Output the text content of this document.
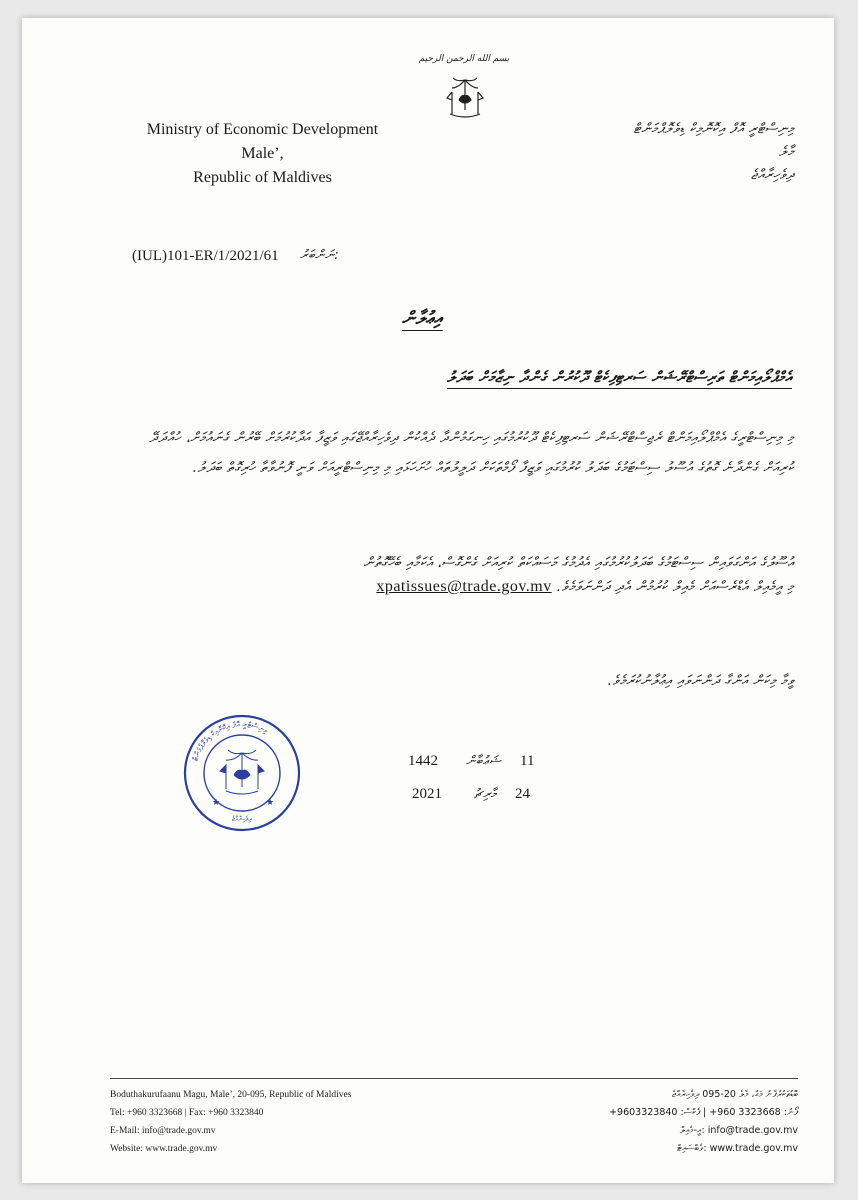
بسم الله الرحمن الرحيم
Ministry of Economic Development
Male’,
Republic of Maldives
މިނިސްޓްރީ އޮފް އިކޮނޮމިކް ޑިވެލޮޕްމަންޓް
މާލެ
ދިވެހިރާއްޖެ
(IUL)101-ER/1/2021/61 ނަންބަރު:
އިޢުލާން
އެމްޕްލޯއިމަންޓް ތަރިސްޓްރޭޝަން ސަރޓިފިކެޓް ދޫކުރުން ގެންދާ ނިޒާމަށް ބަދަލު
މި މިނިސްޓްރީގެ އެމްޕްލޯއިމަންޓް ރެޖިސްޓްރޭޝަން ސަރޓިފިކެޓް ދޫކުރުމުގައި ހިނގަމުންދާ ދެއްކުން ދިވެހިރާއްޖޭގައި ވަޒީފާ އަދާކުރުމަށް ބޭރުން ގެނައުމަށް، ހުއްދަދޭ ކުރިއަށް ގެންދާނެ ގޮތުގެ އުސޫލު ސިސްޓަމުގެ ބަދަލު ކުރުމުގައި ވަޒީފާ ފޯމްތަކަށް ދަލީލުތައް ހުށަހަޅައި މި މިނިސްޓްރީއަށް ވަނީ ފޮނުވާތާ ހުރިގޮތް ބަދަލު.
އުސޫލުގެ އަންގަވައިން ސިސްޓަމުގެ ބަދަލުކުރުމުގައި އެދުމުގެ މަސައްކަތް ކުރިއަށް ގެންގޮސް، އެކަމާއި ބެހޭގޮތުން
މި އީމެއިލް އެޑްރެސްއަށް މެއިލް ކުރުމުން އެދި ދަންނަވަމެވެ. xpatissues@trade.gov.mv
ވީމާ މިކަން އަންގާ ދަންނަވައި އިޢުލާނުކުރަމެވެ.
މިނިސްޓްރީ އޮފް އިކޮނޮމިކް ޑިވެލޮޕްމަންޓް
★	★
ދިވެހިރާއްޖެ
1442 ޝަޢުބާން 11
2021 މާރިޗު 24
Boduthakurufaanu Magu, Male’, 20-095, Republic of Maldives
Tel: +960 3323668 | Fax: +960 3323840
E-Mail: info@trade.gov.mv
Website: www.trade.gov.mv
ބޮޑުތަކުރުފާނު މަގު، މާލެ 20-095 ދިވެހިރާއްޖެ
ފޯނު: 3323668 960+ | ފެކްސް: 9603323840+
info@trade.gov.mv :އީ-މެއިލް
www.trade.gov.mv :ވެބްސައިޓް
